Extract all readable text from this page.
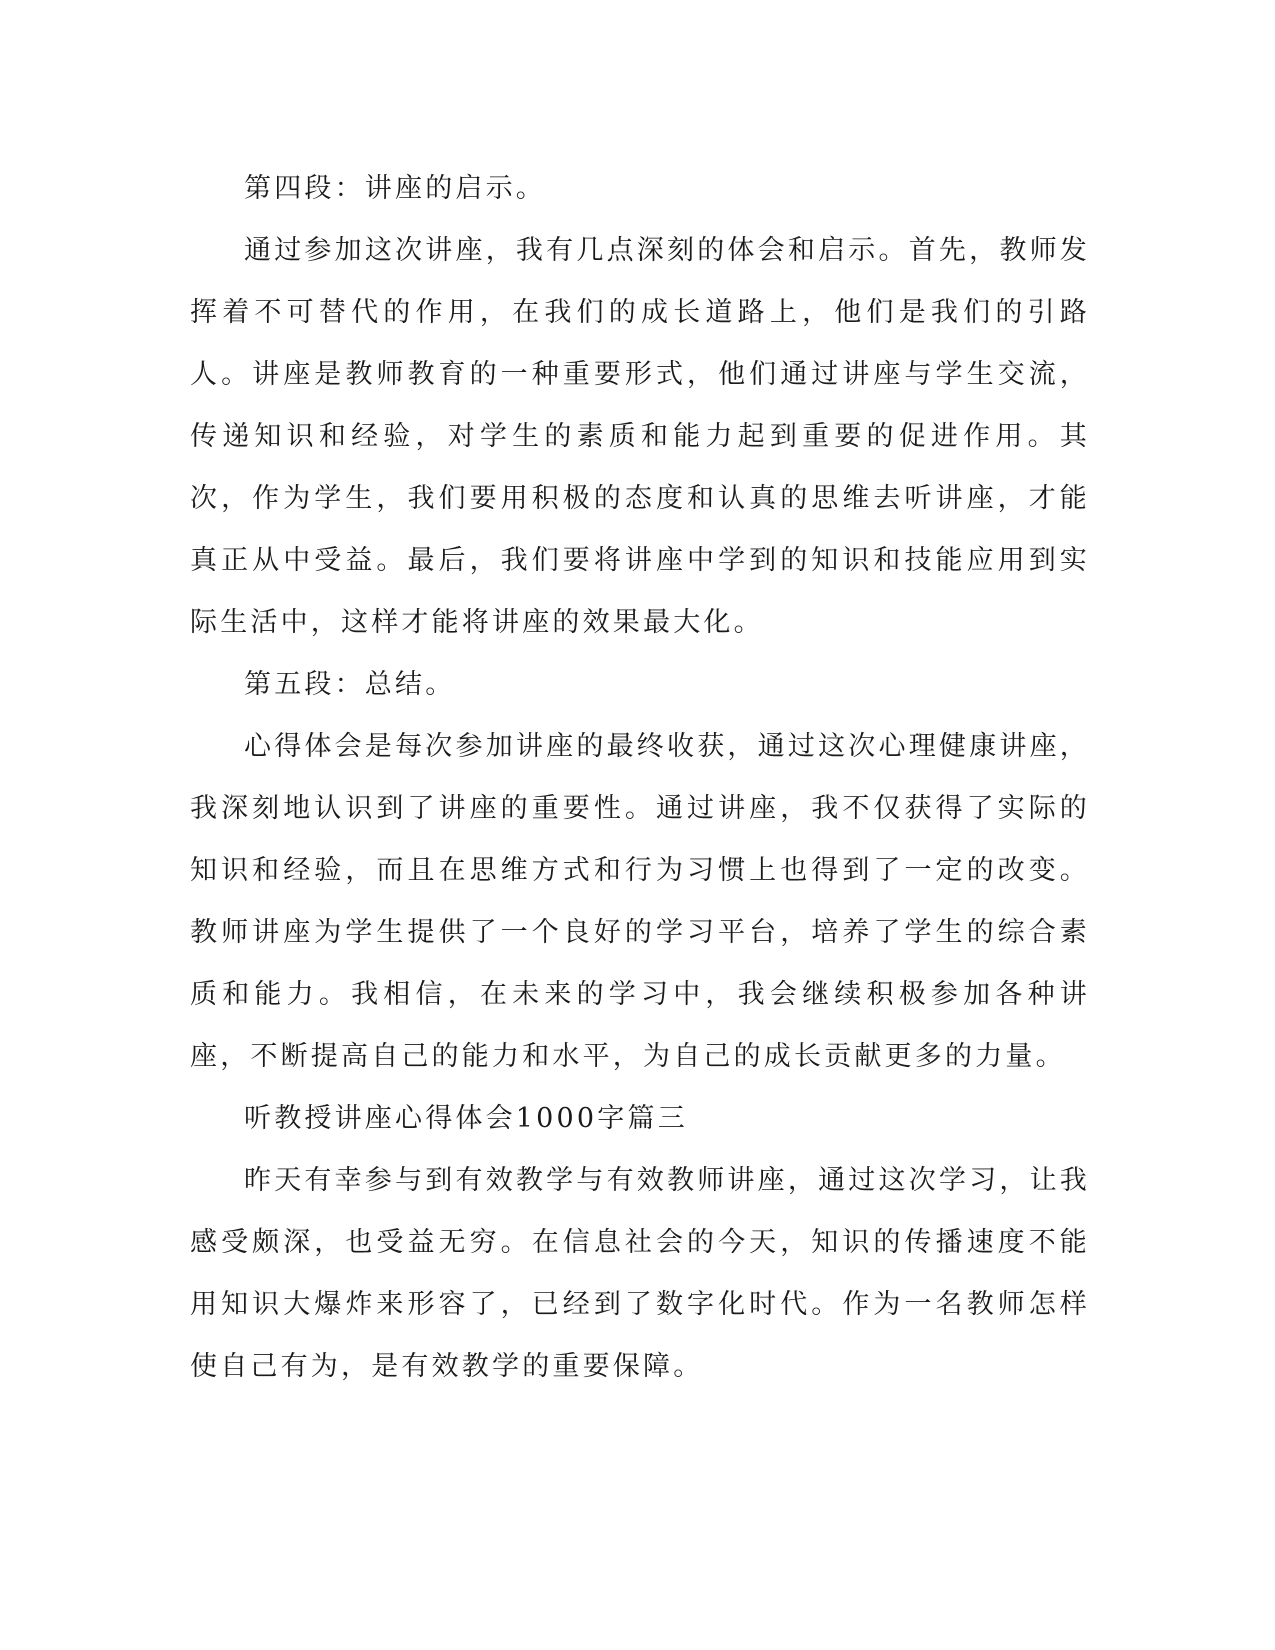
第四段：讲座的启示。

通过参加这次讲座，我有几点深刻的体会和启示。首先，教师发挥着不可替代的作用，在我们的成长道路上，他们是我们的引路人。讲座是教师教育的一种重要形式，他们通过讲座与学生交流，传递知识和经验，对学生的素质和能力起到重要的促进作用。其次，作为学生，我们要用积极的态度和认真的思维去听讲座，才能真正从中受益。最后，我们要将讲座中学到的知识和技能应用到实际生活中，这样才能将讲座的效果最大化。

第五段：总结。

心得体会是每次参加讲座的最终收获，通过这次心理健康讲座，我深刻地认识到了讲座的重要性。通过讲座，我不仅获得了实际的知识和经验，而且在思维方式和行为习惯上也得到了一定的改变。教师讲座为学生提供了一个良好的学习平台，培养了学生的综合素质和能力。我相信，在未来的学习中，我会继续积极参加各种讲座，不断提高自己的能力和水平，为自己的成长贡献更多的力量。

听教授讲座心得体会1000字篇三

昨天有幸参与到有效教学与有效教师讲座，通过这次学习，让我感受颇深，也受益无穷。在信息社会的今天，知识的传播速度不能用知识大爆炸来形容了，已经到了数字化时代。作为一名教师怎样使自己有为，是有效教学的重要保障。
